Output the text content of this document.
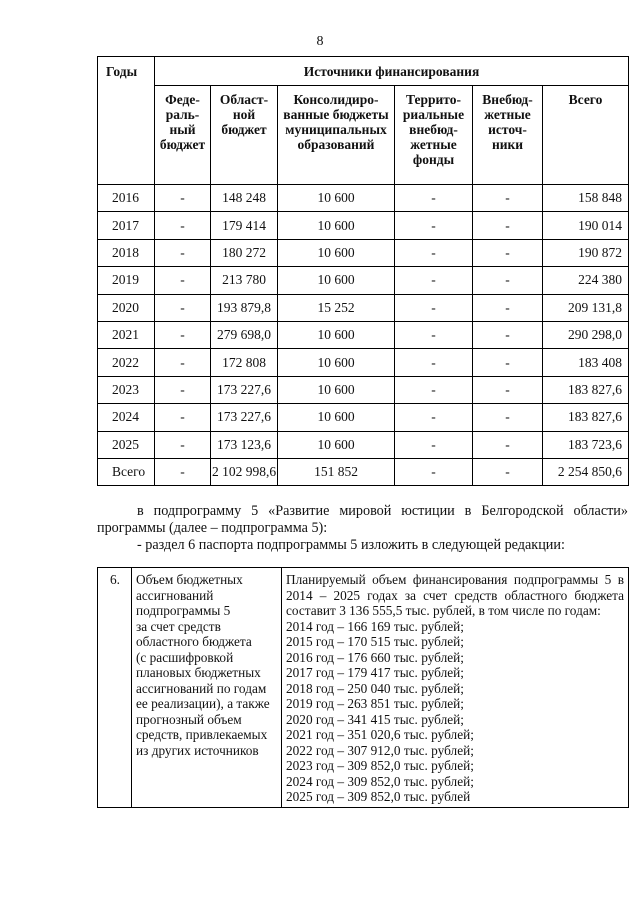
8
Годы	Источники финансирования					
	Феде-раль-ный бюджет	Област-ной бюджет	Консолидиро-ванные бюджеты муниципальных образований	Террито-риальные внебюд-жетные фонды	Внебюд-жетные источ-ники	Всего
2016	-	148 248	10 600	-	-	158 848
2017	-	179 414	10 600	-	-	190 014
2018	-	180 272	10 600	-	-	190 872
2019	-	213 780	10 600	-	-	224 380
2020	-	193 879,8	15 252	-	-	209 131,8
2021	-	279 698,0	10 600	-	-	290 298,0
2022	-	172 808	10 600	-	-	183 408
2023	-	173 227,6	10 600	-	-	183 827,6
2024	-	173 227,6	10 600	-	-	183 827,6
2025	-	173 123,6	10 600	-	-	183 723,6
Всего	-	2 102 998,6	151 852	-	-	2 254 850,6
в подпрограмму 5 «Развитие мировой юстиции в Белгородской области» программы (далее – подпрограмма 5):
- раздел 6 паспорта подпрограммы 5 изложить в следующей редакции:
6.	Объем бюджетных
ассигнований
подпрограммы 5
за счет средств
областного бюджета
(с расшифровкой
плановых бюджетных
ассигнований по годам
ее реализации), а также
прогнозный объем
средств, привлекаемых
из других источников

Планируемый объем финансирования подпрограммы 5 в 2014 – 2025 годах за счет средств областного бюджета составит 3 136 555,5 тыс. рублей, в том числе по годам:
2014 год – 166 169 тыс. рублей;
2015 год – 170 515 тыс. рублей;
2016 год – 176 660 тыс. рублей;
2017 год – 179 417 тыс. рублей;
2018 год – 250 040 тыс. рублей;
2019 год – 263 851 тыс. рублей;
2020 год – 341 415 тыс. рублей;
2021 год – 351 020,6 тыс. рублей;
2022 год – 307 912,0 тыс. рублей;
2023 год – 309 852,0 тыс. рублей;
2024 год – 309 852,0 тыс. рублей;
2025 год – 309 852,0 тыс. рублей
